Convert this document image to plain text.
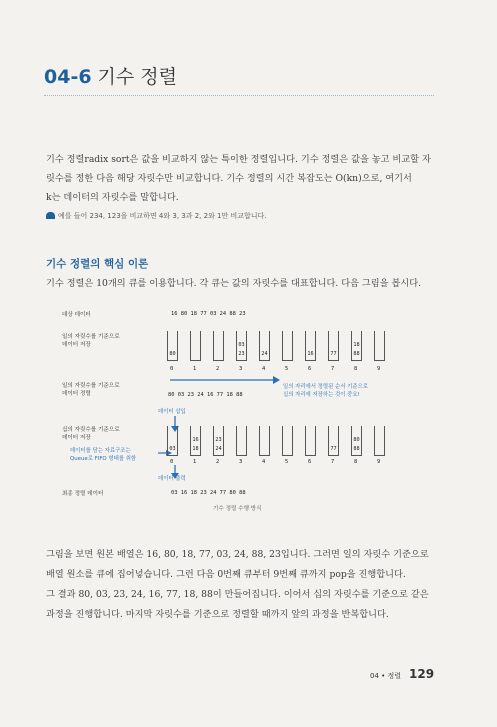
04-6 기수 정렬
기수 정렬radix sort은 값을 비교하지 않는 특이한 정렬입니다. 기수 정렬은 값을 놓고 비교할 자
릿수를 정한 다음 해당 자릿수만 비교합니다. 기수 정렬의 시간 복잡도는 O(kn)으로, 여기서
k는 데이터의 자릿수를 말합니다.
예를 들어 234, 123을 비교하면 4와 3, 3과 2, 2와 1만 비교합니다.
기수 정렬의 핵심 이론
기수 정렬은 10개의 큐를 이용합니다. 각 큐는 값의 자릿수를 대표합니다. 다음 그림을 봅시다.
대상 데이터	16 80 18 77 03 24 88 23
일의 자릿수를 기준으로
데이터 저장
80	23
03
24	16	77	88
18
0	1	2	3	4	5	6	7	8	9
일의 자릿수를 기준으로
데이터 정렬	80 03 23 24 16 77 18 88
일의 자리에서 정렬된 순서 기준으로
십의 자리에 저장하는 것이 중요!
데이터 삽입
십의 자릿수를 기준으로
데이터 저장
데이터를 담는 자료구조는
Queue로 FIFO 형태를 취함
03	18
16
24
23
77	88
80
0	1	2	3	4	5	6	7	8	9
데이터 출력
최종 정렬 데이터	03 16 18 23 24 77 80 88
기수 정렬 수행 방식
그림을 보면 원본 배열은 16, 80, 18, 77, 03, 24, 88, 23입니다. 그러면 일의 자릿수 기준으로
배열 원소를 큐에 집어넣습니다. 그런 다음 0번째 큐부터 9번째 큐까지 pop을 진행합니다.
그 결과 80, 03, 23, 24, 16, 77, 18, 88이 만들어집니다. 이어서 십의 자릿수를 기준으로 같은
과정을 진행합니다. 마지막 자릿수를 기준으로 정렬할 때까지 앞의 과정을 반복합니다.
04 • 정렬 129
